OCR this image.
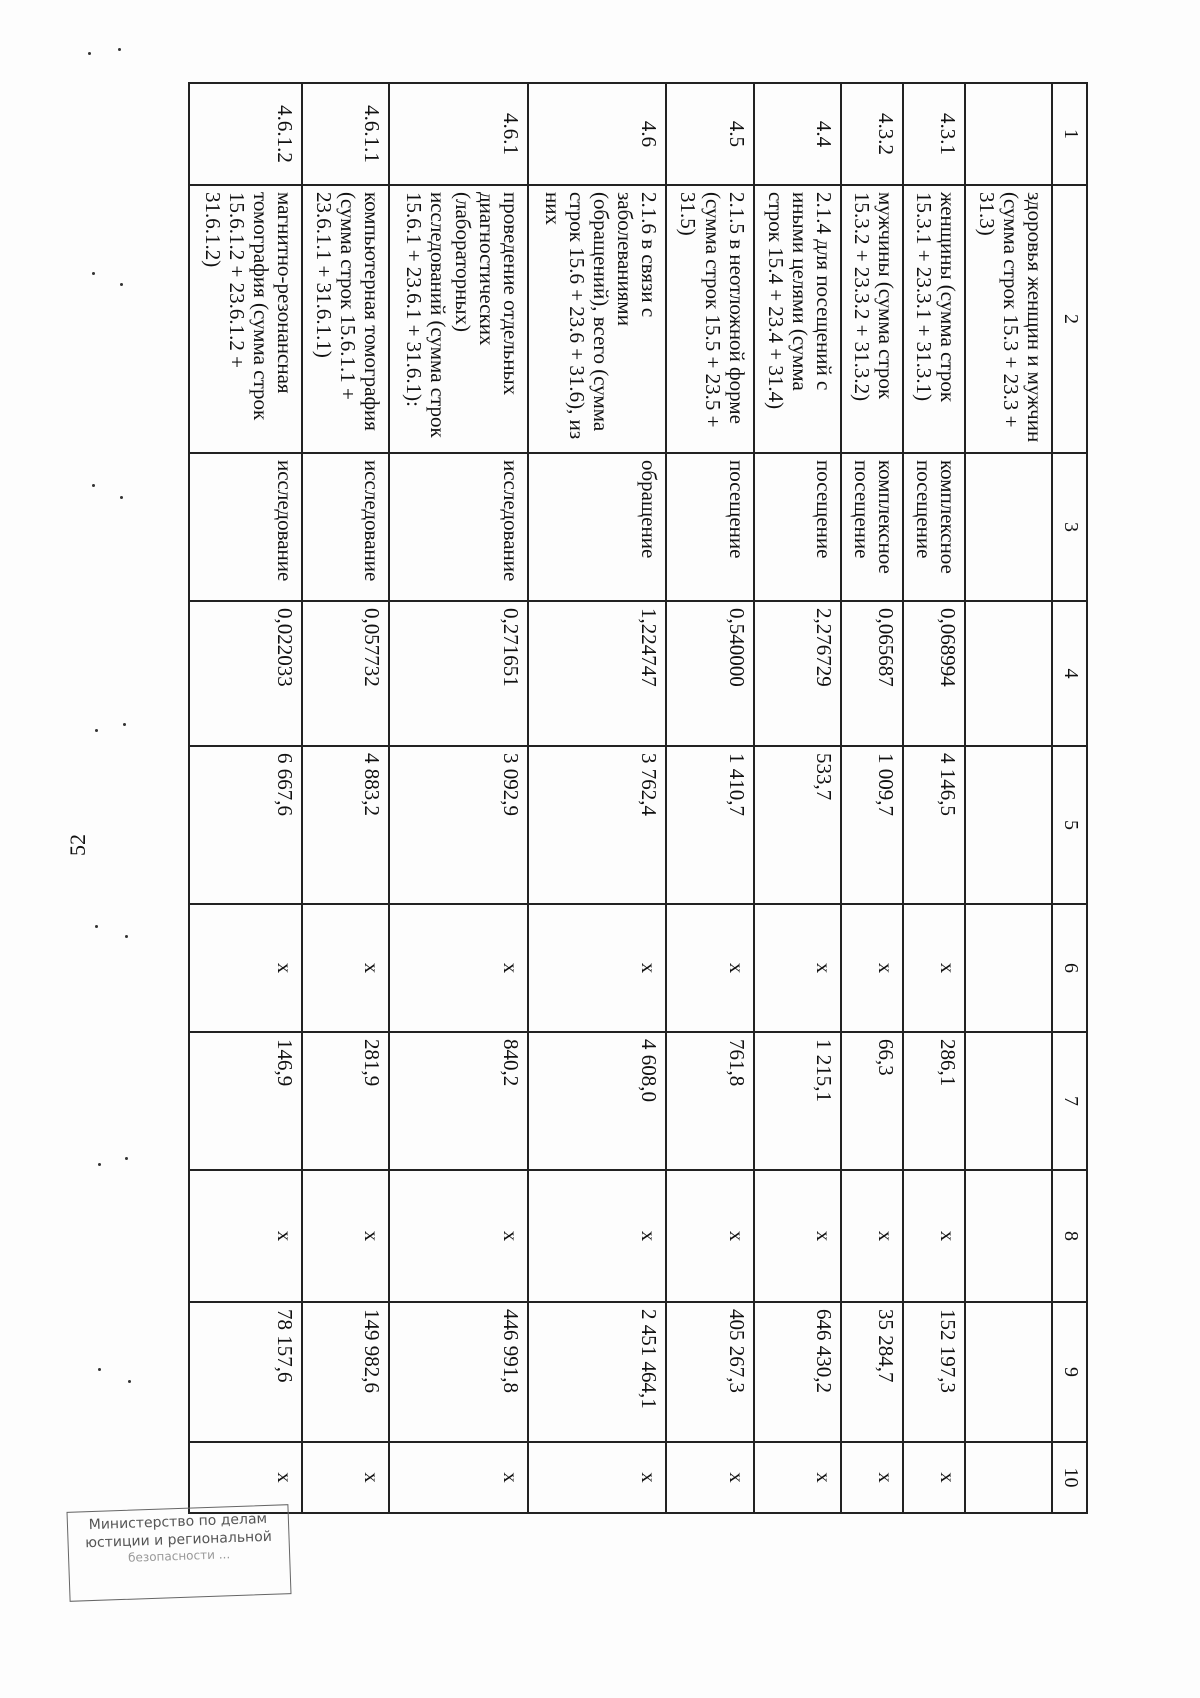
52
1	2	3	4	5	6	7	8	9	10
	здоровья женщин и мужчин (сумма строк 15.3 + 23.3 + 31.3)								
4.3.1	женщины (сумма строк 15.3.1 + 23.3.1 + 31.3.1)	комплексное посещение	0,068994	4 146,5	х	286,1	х	152 197,3	х
4.3.2	мужчины (сумма строк 15.3.2 + 23.3.2 + 31.3.2)	комплексное посещение	0,065687	1 009,7	х	66,3	х	35 284,7	х
4.4	2.1.4 для посещений с иными целями (сумма строк 15.4 + 23.4 + 31.4)	посещение	2,276729	533,7	х	1 215,1	х	646 430,2	х
4.5	2.1.5 в неотложной форме (сумма строк 15.5 + 23.5 + 31.5)	посещение	0,540000	1 410,7	х	761,8	х	405 267,3	х
4.6	2.1.6 в связи с заболеваниями (обращений), всего (сумма строк 15.6 + 23.6 + 31.6), из них	обращение	1,224747	3 762,4	х	4 608,0	х	2 451 464,1	х
4.6.1	проведение отдельных диагностических (лабораторных) исследований (сумма строк 15.6.1 + 23.6.1 + 31.6.1):	исследование	0,271651	3 092,9	х	840,2	х	446 991,8	х
4.6.1.1	компьютерная томография (сумма строк 15.6.1.1 + 23.6.1.1 + 31.6.1.1)	исследование	0,057732	4 883,2	х	281,9	х	149 982,6	х
4.6.1.2	магнитно-резонансная томография (сумма строк 15.6.1.2 + 23.6.1.2 + 31.6.1.2)	исследование	0,022033	6 667,6	х	146,9	х	78 157,6	х
Министерство по делам
юстиции и региональной
безопасности ...
